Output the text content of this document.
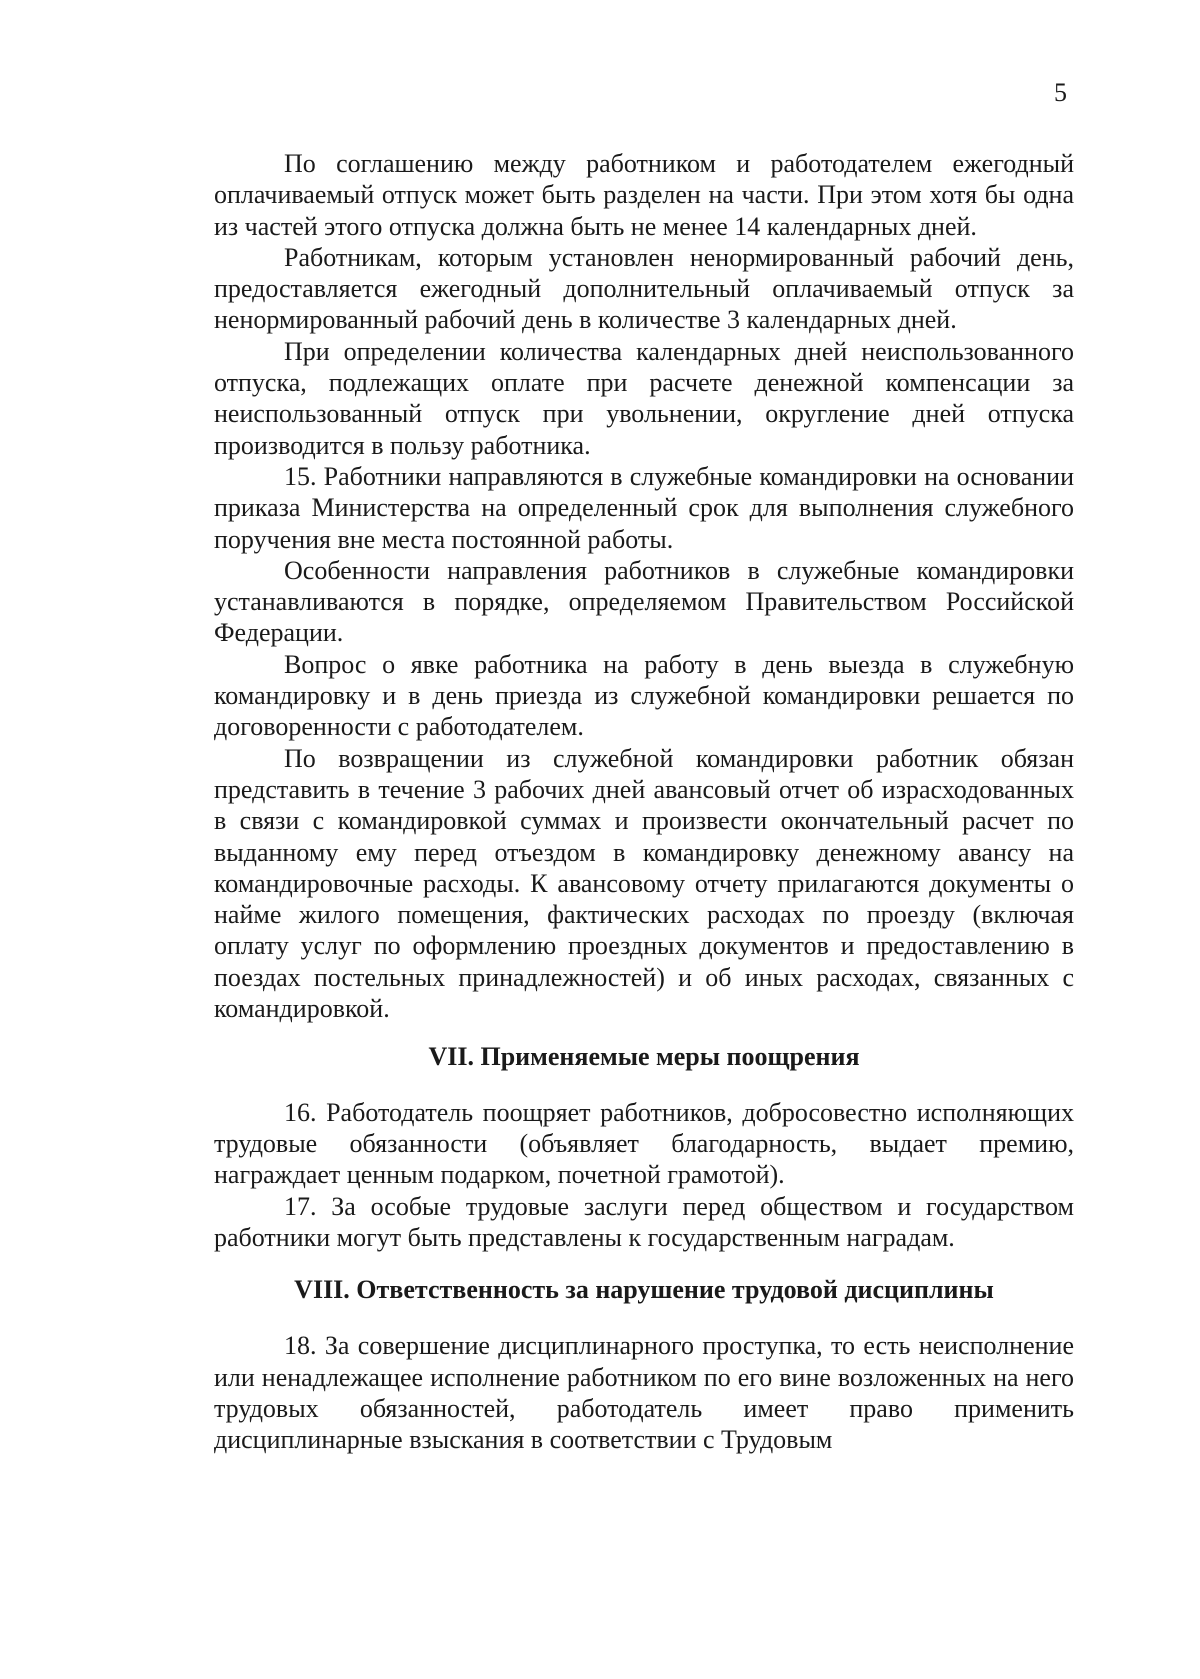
5

По соглашению между работником и работодателем ежегодный оплачиваемый отпуск может быть разделен на части. При этом хотя бы одна из частей этого отпуска должна быть не менее 14 календарных дней.

Работникам, которым установлен ненормированный рабочий день, предоставляется ежегодный дополнительный оплачиваемый отпуск за ненормированный рабочий день в количестве 3 календарных дней.

При определении количества календарных дней неиспользованного отпуска, подлежащих оплате при расчете денежной компенсации за неиспользованный отпуск при увольнении, округление дней отпуска производится в пользу работника.

15. Работники направляются в служебные командировки на основании приказа Министерства на определенный срок для выполнения служебного поручения вне места постоянной работы.

Особенности направления работников в служебные командировки устанавливаются в порядке, определяемом Правительством Российской Федерации.

Вопрос о явке работника на работу в день выезда в служебную командировку и в день приезда из служебной командировки решается по договоренности с работодателем.

По возвращении из служебной командировки работник обязан представить в течение 3 рабочих дней авансовый отчет об израсходованных в связи с командировкой суммах и произвести окончательный расчет по выданному ему перед отъездом в командировку денежному авансу на командировочные расходы. К авансовому отчету прилагаются документы о найме жилого помещения, фактических расходах по проезду (включая оплату услуг по оформлению проездных документов и предоставлению в поездах постельных принадлежностей) и об иных расходах, связанных с командировкой.

VII. Применяемые меры поощрения

16. Работодатель поощряет работников, добросовестно исполняющих трудовые обязанности (объявляет благодарность, выдает премию, награждает ценным подарком, почетной грамотой).

17. За особые трудовые заслуги перед обществом и государством работники могут быть представлены к государственным наградам.

VIII. Ответственность за нарушение трудовой дисциплины

18. За совершение дисциплинарного проступка, то есть неисполнение или ненадлежащее исполнение работником по его вине возложенных на него трудовых обязанностей, работодатель имеет право применить дисциплинарные взыскания в соответствии с Трудовым
